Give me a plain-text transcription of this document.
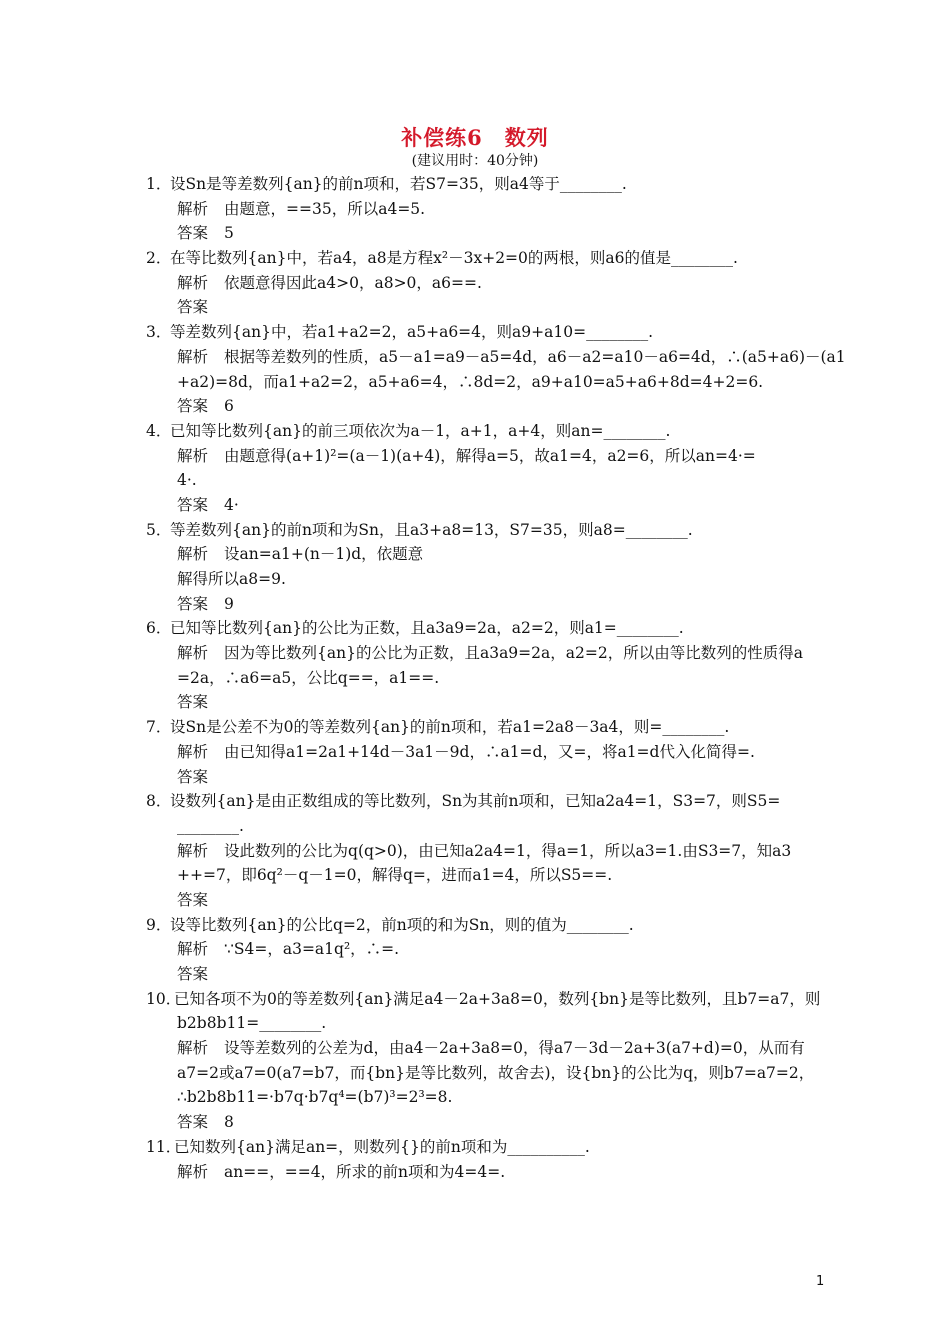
补偿练6　数列
(建议用时：40分钟)
1．设Sn是等差数列{an}的前n项和，若S7=35，则a4等于________.
解析 由题意，==35，所以a4=5.
答案 5
2．在等比数列{an}中，若a4，a8是方程x²－3x+2=0的两根，则a6的值是________.
解析 依题意得因此a4>0，a8>0，a6==.
答案
3．等差数列{an}中，若a1+a2=2，a5+a6=4，则a9+a10=________.
解析 根据等差数列的性质，a5－a1=a9－a5=4d，a6－a2=a10－a6=4d，∴(a5+a6)－(a1
+a2)=8d，而a1+a2=2，a5+a6=4，∴8d=2，a9+a10=a5+a6+8d=4+2=6.
答案 6
4．已知等比数列{an}的前三项依次为a－1，a+1，a+4，则an=________.
解析 由题意得(a+1)²=(a－1)(a+4)，解得a=5，故a1=4，a2=6，所以an=4·=
4·.
答案 4·
5．等差数列{an}的前n项和为Sn，且a3+a8=13，S7=35，则a8=________.
解析 设an=a1+(n－1)d，依题意
解得所以a8=9.
答案 9
6．已知等比数列{an}的公比为正数，且a3a9=2a，a2=2，则a1=________.
解析 因为等比数列{an}的公比为正数，且a3a9=2a，a2=2，所以由等比数列的性质得a
=2a，∴a6=a5，公比q==，a1==.
答案
7．设Sn是公差不为0的等差数列{an}的前n项和，若a1=2a8－3a4，则=________.
解析 由已知得a1=2a1+14d－3a1－9d，∴a1=d，又=，将a1=d代入化简得=.
答案
8．设数列{an}是由正数组成的等比数列，Sn为其前n项和，已知a2a4=1，S3=7，则S5=
________.
解析 设此数列的公比为q(q>0)，由已知a2a4=1，得a=1，所以a3=1.由S3=7，知a3
++=7，即6q²－q－1=0，解得q=，进而a1=4，所以S5==.
答案
9．设等比数列{an}的公比q=2，前n项的和为Sn，则的值为________.
解析 ∵S4=，a3=a1q²，∴=.
答案
10．已知各项不为0的等差数列{an}满足a4－2a+3a8=0，数列{bn}是等比数列，且b7=a7，则
b2b8b11=________.
解析 设等差数列的公差为d，由a4－2a+3a8=0，得a7－3d－2a+3(a7+d)=0，从而有
a7=2或a7=0(a7=b7，而{bn}是等比数列，故舍去)，设{bn}的公比为q，则b7=a7=2，
∴b2b8b11=·b7q·b7q⁴=(b7)³=2³=8.
答案 8
11．已知数列{an}满足an=，则数列{}的前n项和为__________.
解析 an==，==4，所求的前n项和为4=4=.
1
